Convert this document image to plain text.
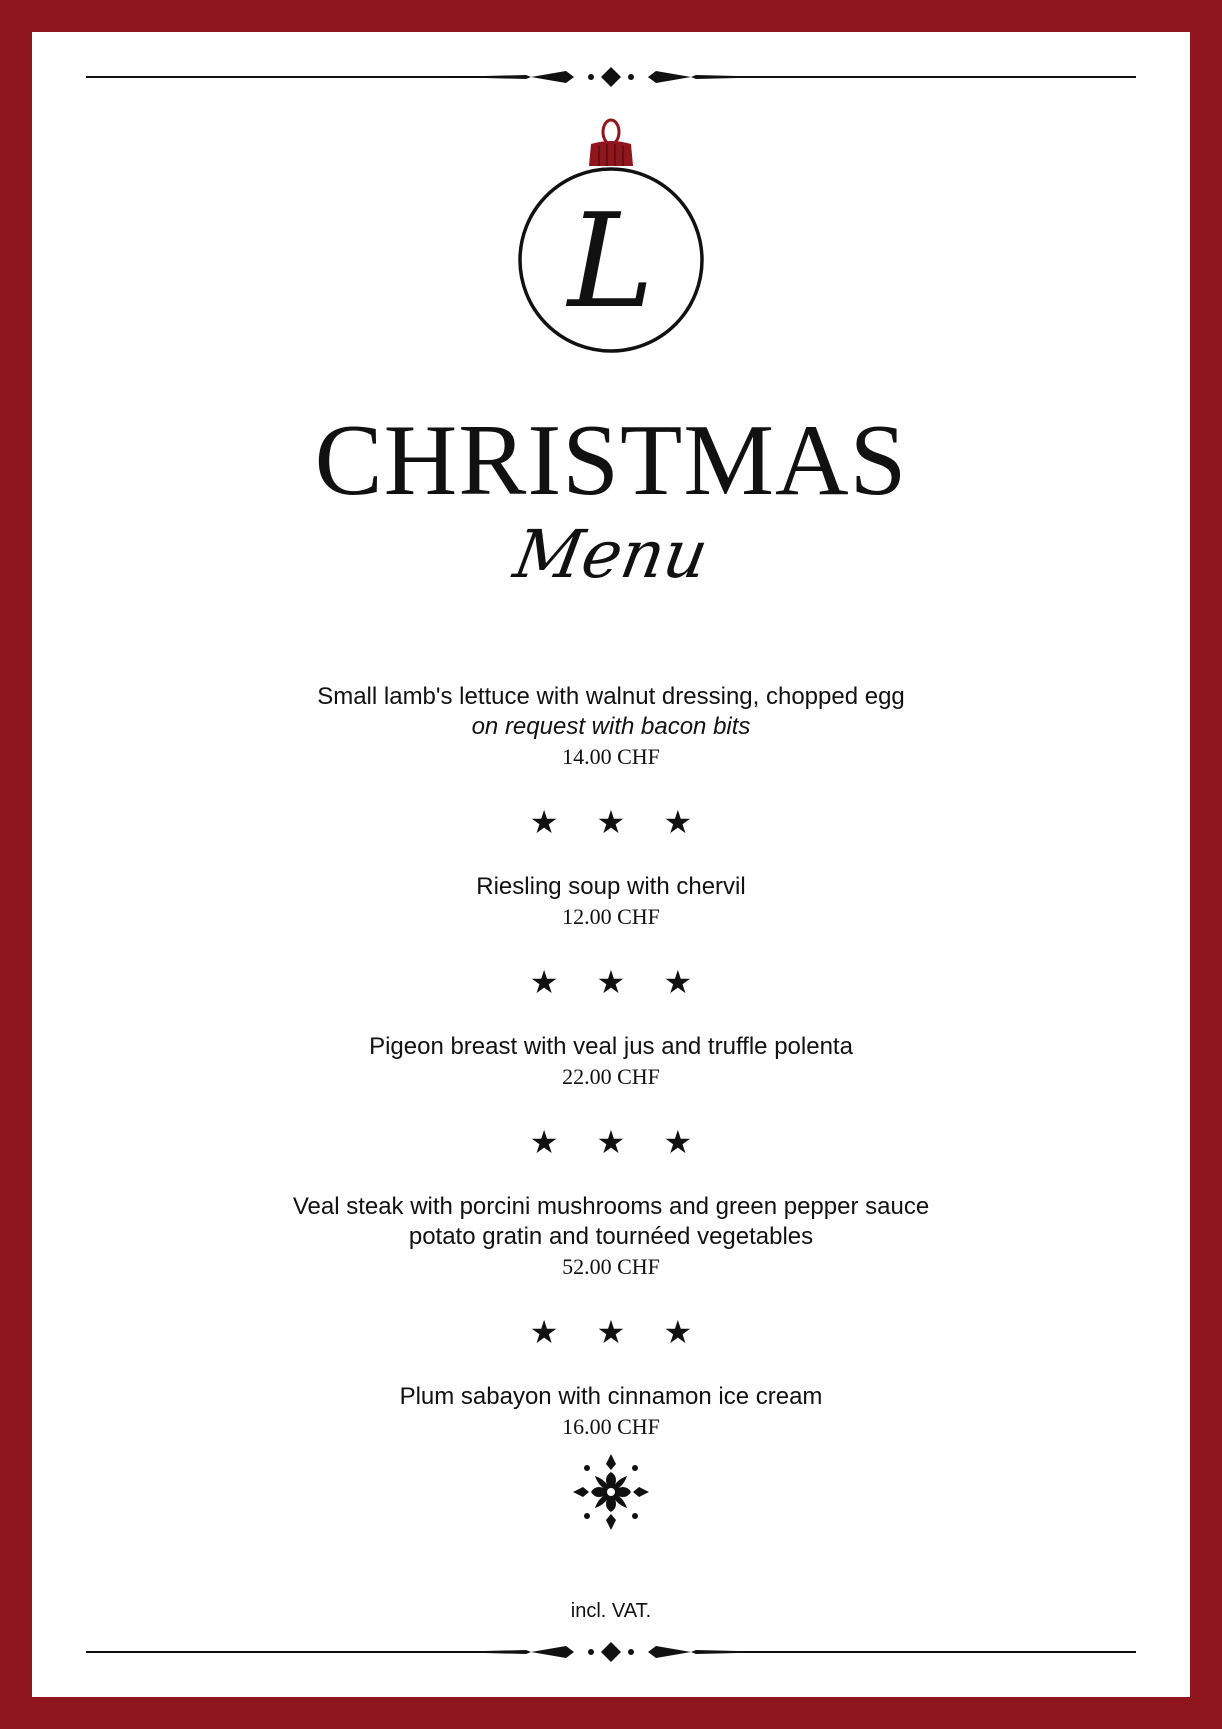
L
CHRISTMAS
Menu
Small lamb's lettuce with walnut dressing, chopped egg
on request with bacon bits
14.00 CHF
★ ★ ★
Riesling soup with chervil
12.00 CHF
★ ★ ★
Pigeon breast with veal jus and truffle polenta
22.00 CHF
★ ★ ★
Veal steak with porcini mushrooms and green pepper sauce
potato gratin and tournéed vegetables
52.00 CHF
★ ★ ★
Plum sabayon with cinnamon ice cream
16.00 CHF
incl. VAT.
